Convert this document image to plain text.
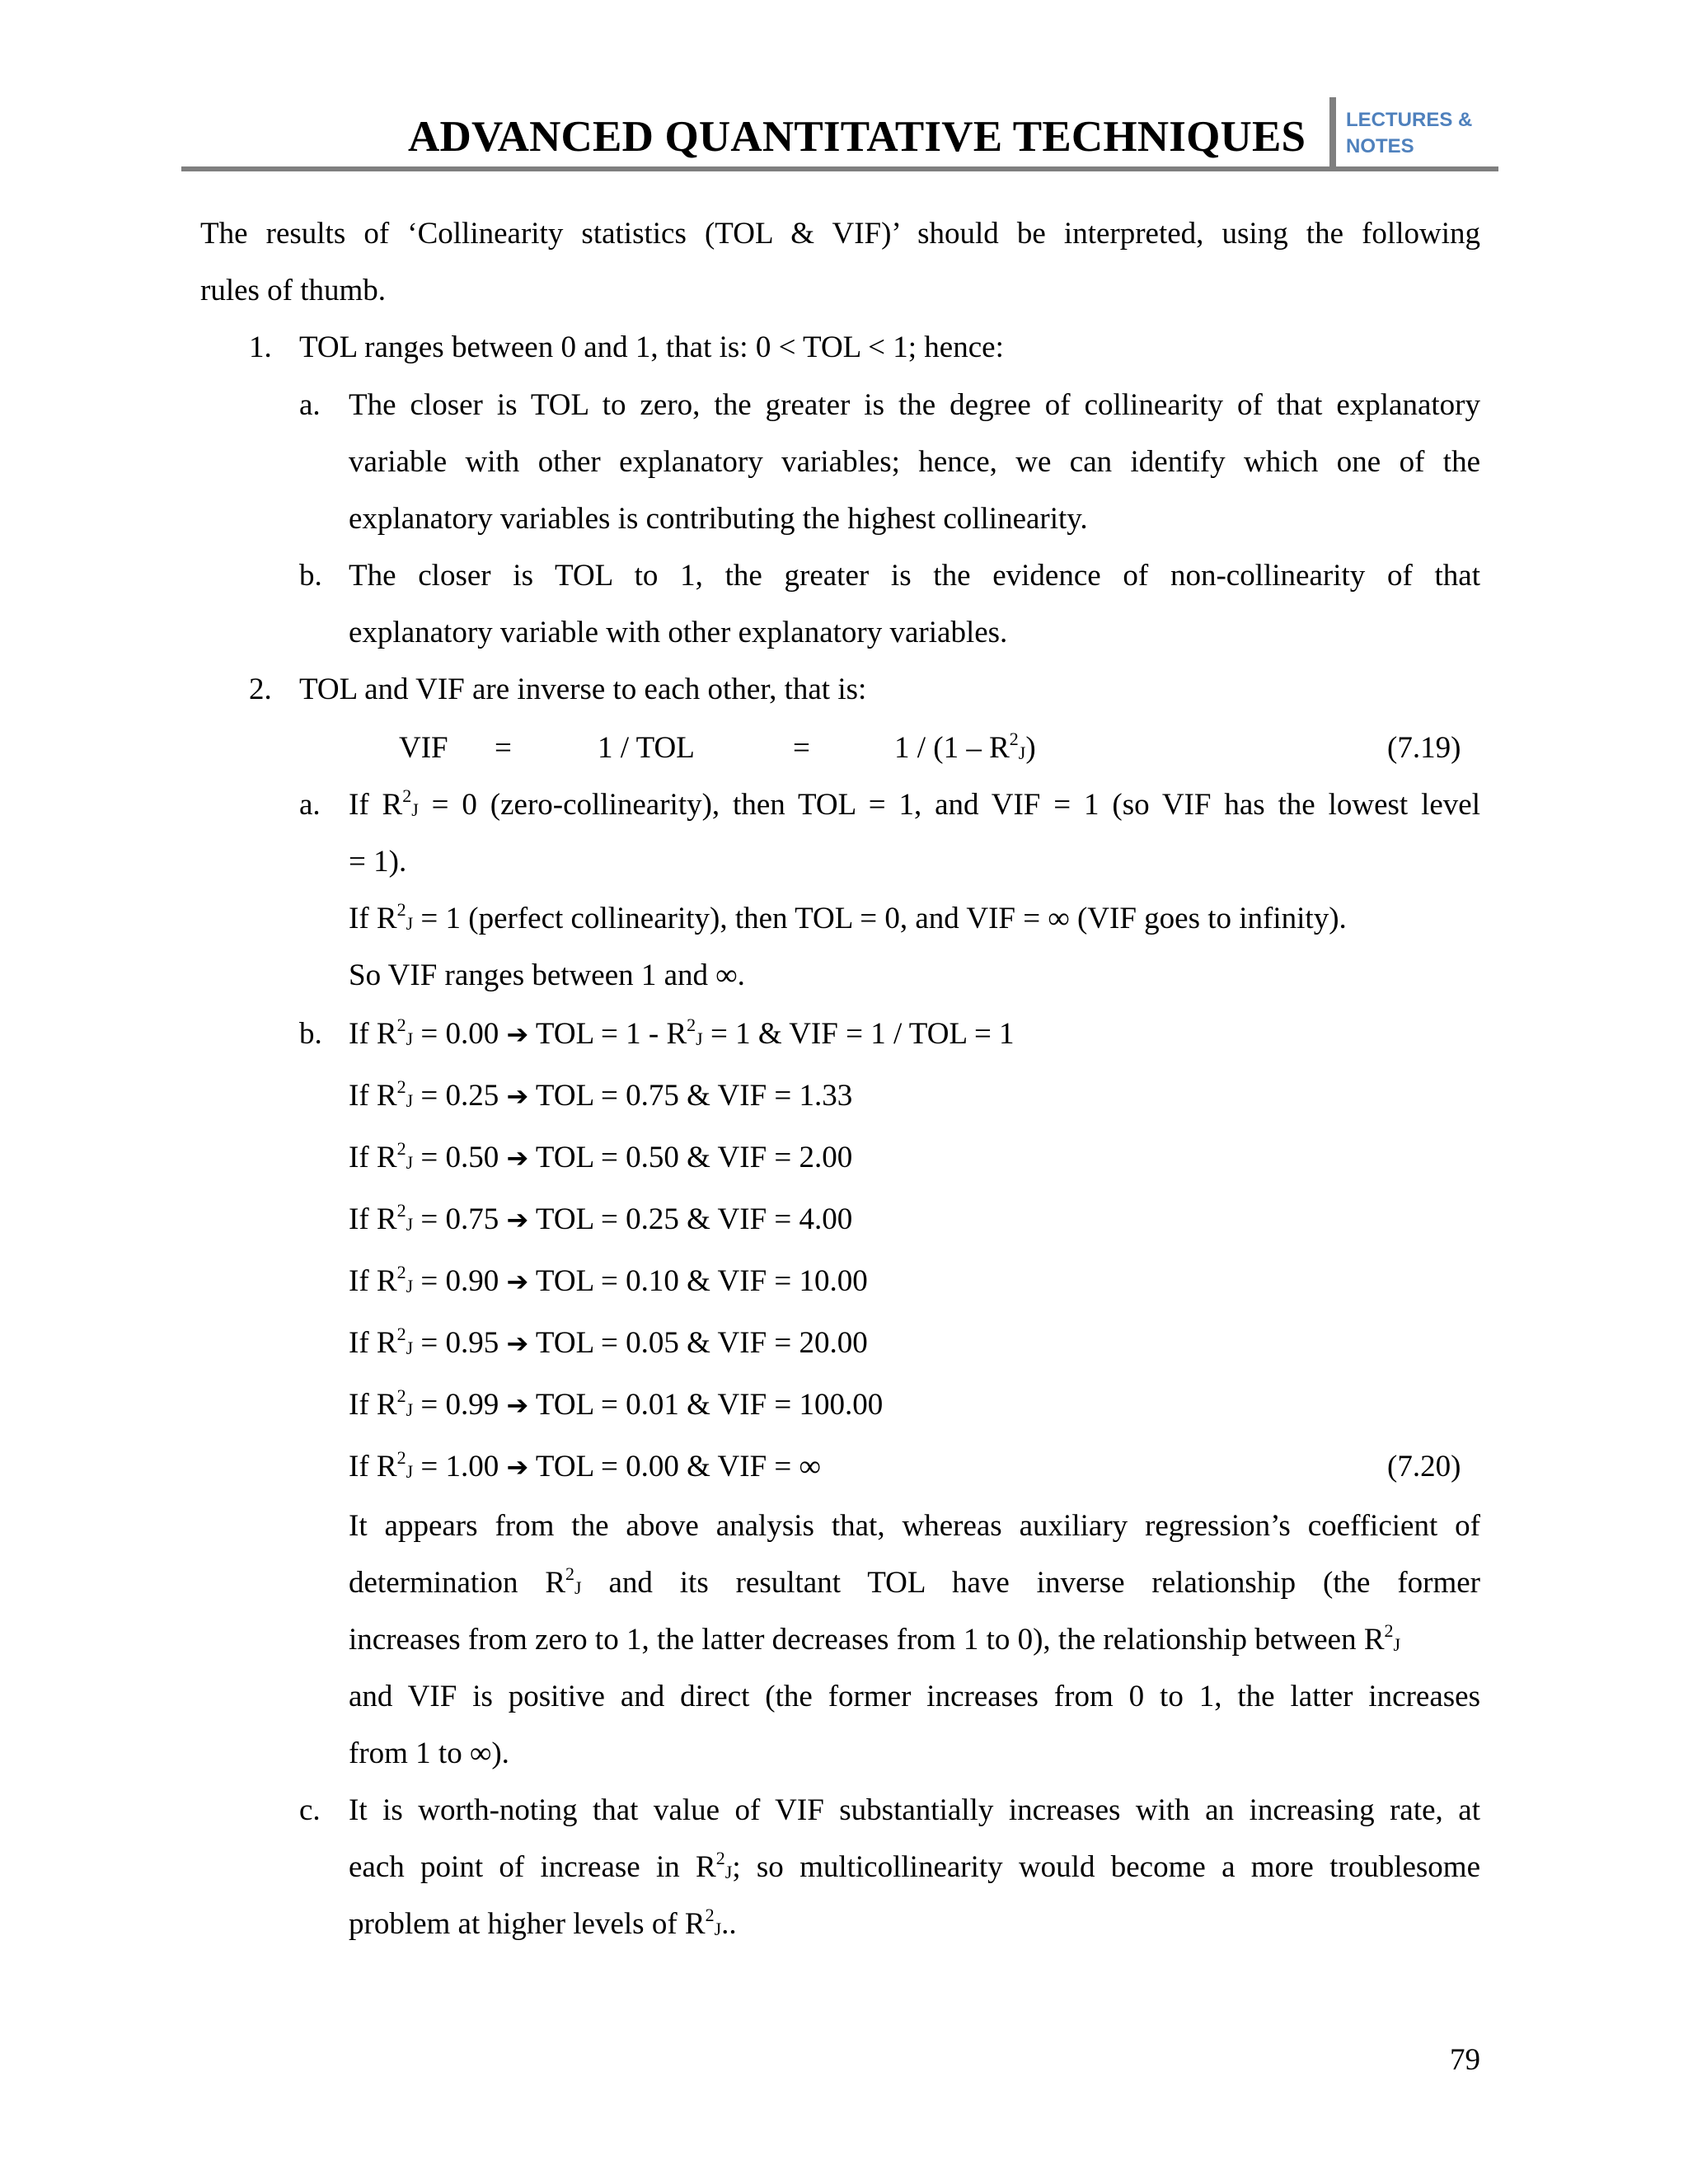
ADVANCED QUANTITATIVE TECHNIQUES	LECTURES &
NOTES
The results of ‘Collinearity statistics (TOL & VIF)’ should be interpreted, using the following
rules of thumb.
1. TOL ranges between 0 and 1, that is: 0 < TOL < 1; hence:
a. The closer is TOL to zero, the greater is the degree of collinearity of that explanatory
variable with other explanatory variables; hence, we can identify which one of the
explanatory variables is contributing the highest collinearity.
b. The closer is TOL to 1, the greater is the evidence of non-collinearity of that
explanatory variable with other explanatory variables.
2. TOL and VIF are inverse to each other, that is:
VIF =	1 / TOL	=	$1 / (1 - R^2_J)$	(7.19)
a. If $R^2_J = 0$ (zero-collinearity), then TOL = 1, and VIF = 1 (so VIF has the lowest level
= 1).
If $R^2_J = 1$ (perfect collinearity), then TOL = 0, and VIF = ∞ (VIF goes to infinity).
So VIF ranges between 1 and ∞.
b. If $R^2_J = 0.00$ ➔ TOL = $1 - R^2_J = 1$ & VIF = 1 / TOL = 1
If $R^2_J = 0.25$ ➔ TOL = 0.75 & VIF = 1.33
If $R^2_J = 0.50$ ➔ TOL = 0.50 & VIF = 2.00
If $R^2_J = 0.75$ ➔ TOL = 0.25 & VIF = 4.00
If $R^2_J = 0.90$ ➔ TOL = 0.10 & VIF = 10.00
If $R^2_J = 0.95$ ➔ TOL = 0.05 & VIF = 20.00
If $R^2_J = 0.99$ ➔ TOL = 0.01 & VIF = 100.00
If $R^2_J = 1.00$ ➔ TOL = 0.00 & VIF = ∞	(7.20)
It appears from the above analysis that, whereas auxiliary regression’s coefficient of
determination $R^2_J$ and its resultant TOL have inverse relationship (the former
increases from zero to 1, the latter decreases from 1 to 0), the relationship between $R^2_J$
and VIF is positive and direct (the former increases from 0 to 1, the latter increases
from 1 to ∞).
c. It is worth-noting that value of VIF substantially increases with an increasing rate, at
each point of increase in $R^2_J$; so multicollinearity would become a more troublesome
problem at higher levels of $R^2_J$..
79
